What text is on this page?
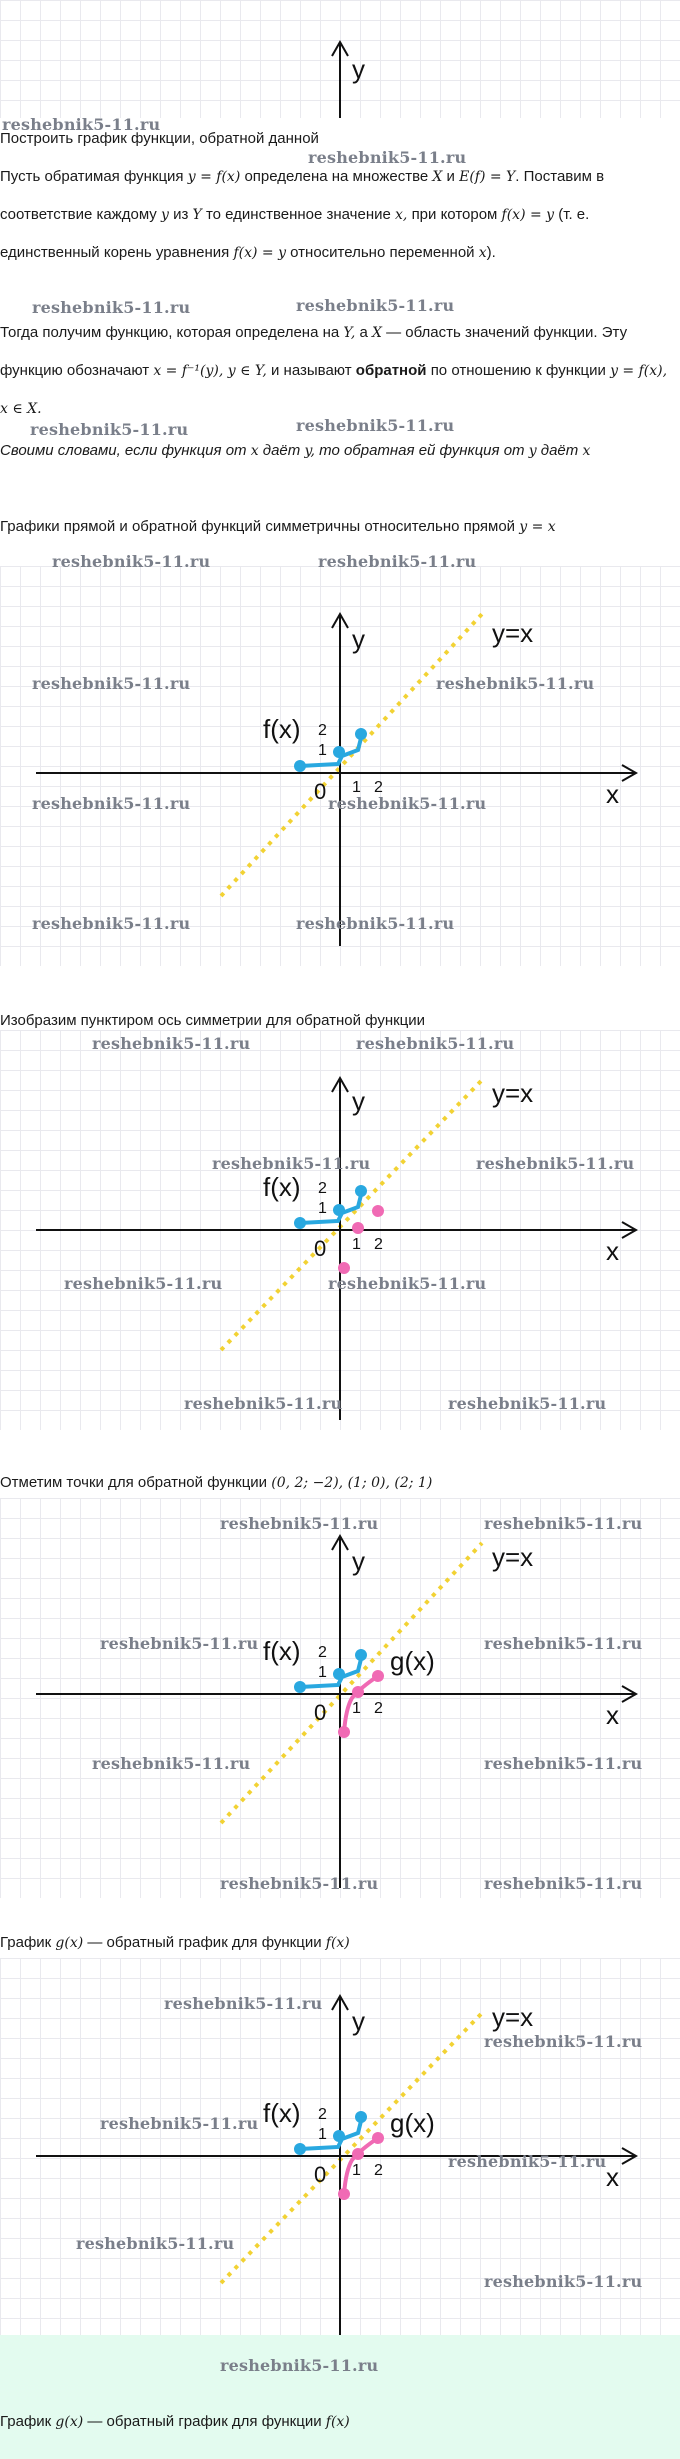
y
Построить график функции, обратной данной
Пусть обратимая функция y = f(x) определена на множестве X и E(f) = Y. Поставим в соответствие каждому y из Y то единственное значение x, при котором f(x) = y (т. е. единственный корень уравнения f(x) = y относительно переменной x).
Тогда получим функцию, которая определена на Y, а X — область значений функции. Эту функцию обозначают x = f⁻¹(y), y ∈ Y, и называют обратной по отношению к функции y = f(x), x ∈ X.
Своими словами, если функция от x даёт y, то обратная ей функция от y даёт x
Графики прямой и обратной функций симметричны относительно прямой y = x
y
x
y=x
f(x) 2
1
0 1 2
Изобразим пунктиром ось симметрии для обратной функции
y
x
y=x
f(x) 2
1
0 1 2
Отметим точки для обратной функции (0, 2; −2), (1; 0), (2; 1)
y
x
y=x
f(x)	g(x)
2
1
0 1 2
График g(x) — обратный график для функции f(x)
y
x
y=x
f(x)	g(x)
2
1
0 1 2
График g(x) — обратный график для функции f(x)
reshebnik5-11.ru
reshebnik5-11.ru
reshebnik5-11.ru	reshebnik5-11.ru
reshebnik5-11.ru	reshebnik5-11.ru
reshebnik5-11.ru	reshebnik5-11.ru
reshebnik5-11.ru	reshebnik5-11.ru
reshebnik5-11.ru	reshebnik5-11.ru
reshebnik5-11.ru	reshebnik5-11.ru
reshebnik5-11.ru	reshebnik5-11.ru
reshebnik5-11.ru	reshebnik5-11.ru
reshebnik5-11.ru	reshebnik5-11.ru
reshebnik5-11.ru	reshebnik5-11.ru
reshebnik5-11.ru	reshebnik5-11.ru
reshebnik5-11.ru	reshebnik5-11.ru
reshebnik5-11.ru	reshebnik5-11.ru
reshebnik5-11.ru	reshebnik5-11.ru
reshebnik5-11.ru
reshebnik5-11.ru
reshebnik5-11.ru
reshebnik5-11.ru
reshebnik5-11.ru
reshebnik5-11.ru
reshebnik5-11.ru
